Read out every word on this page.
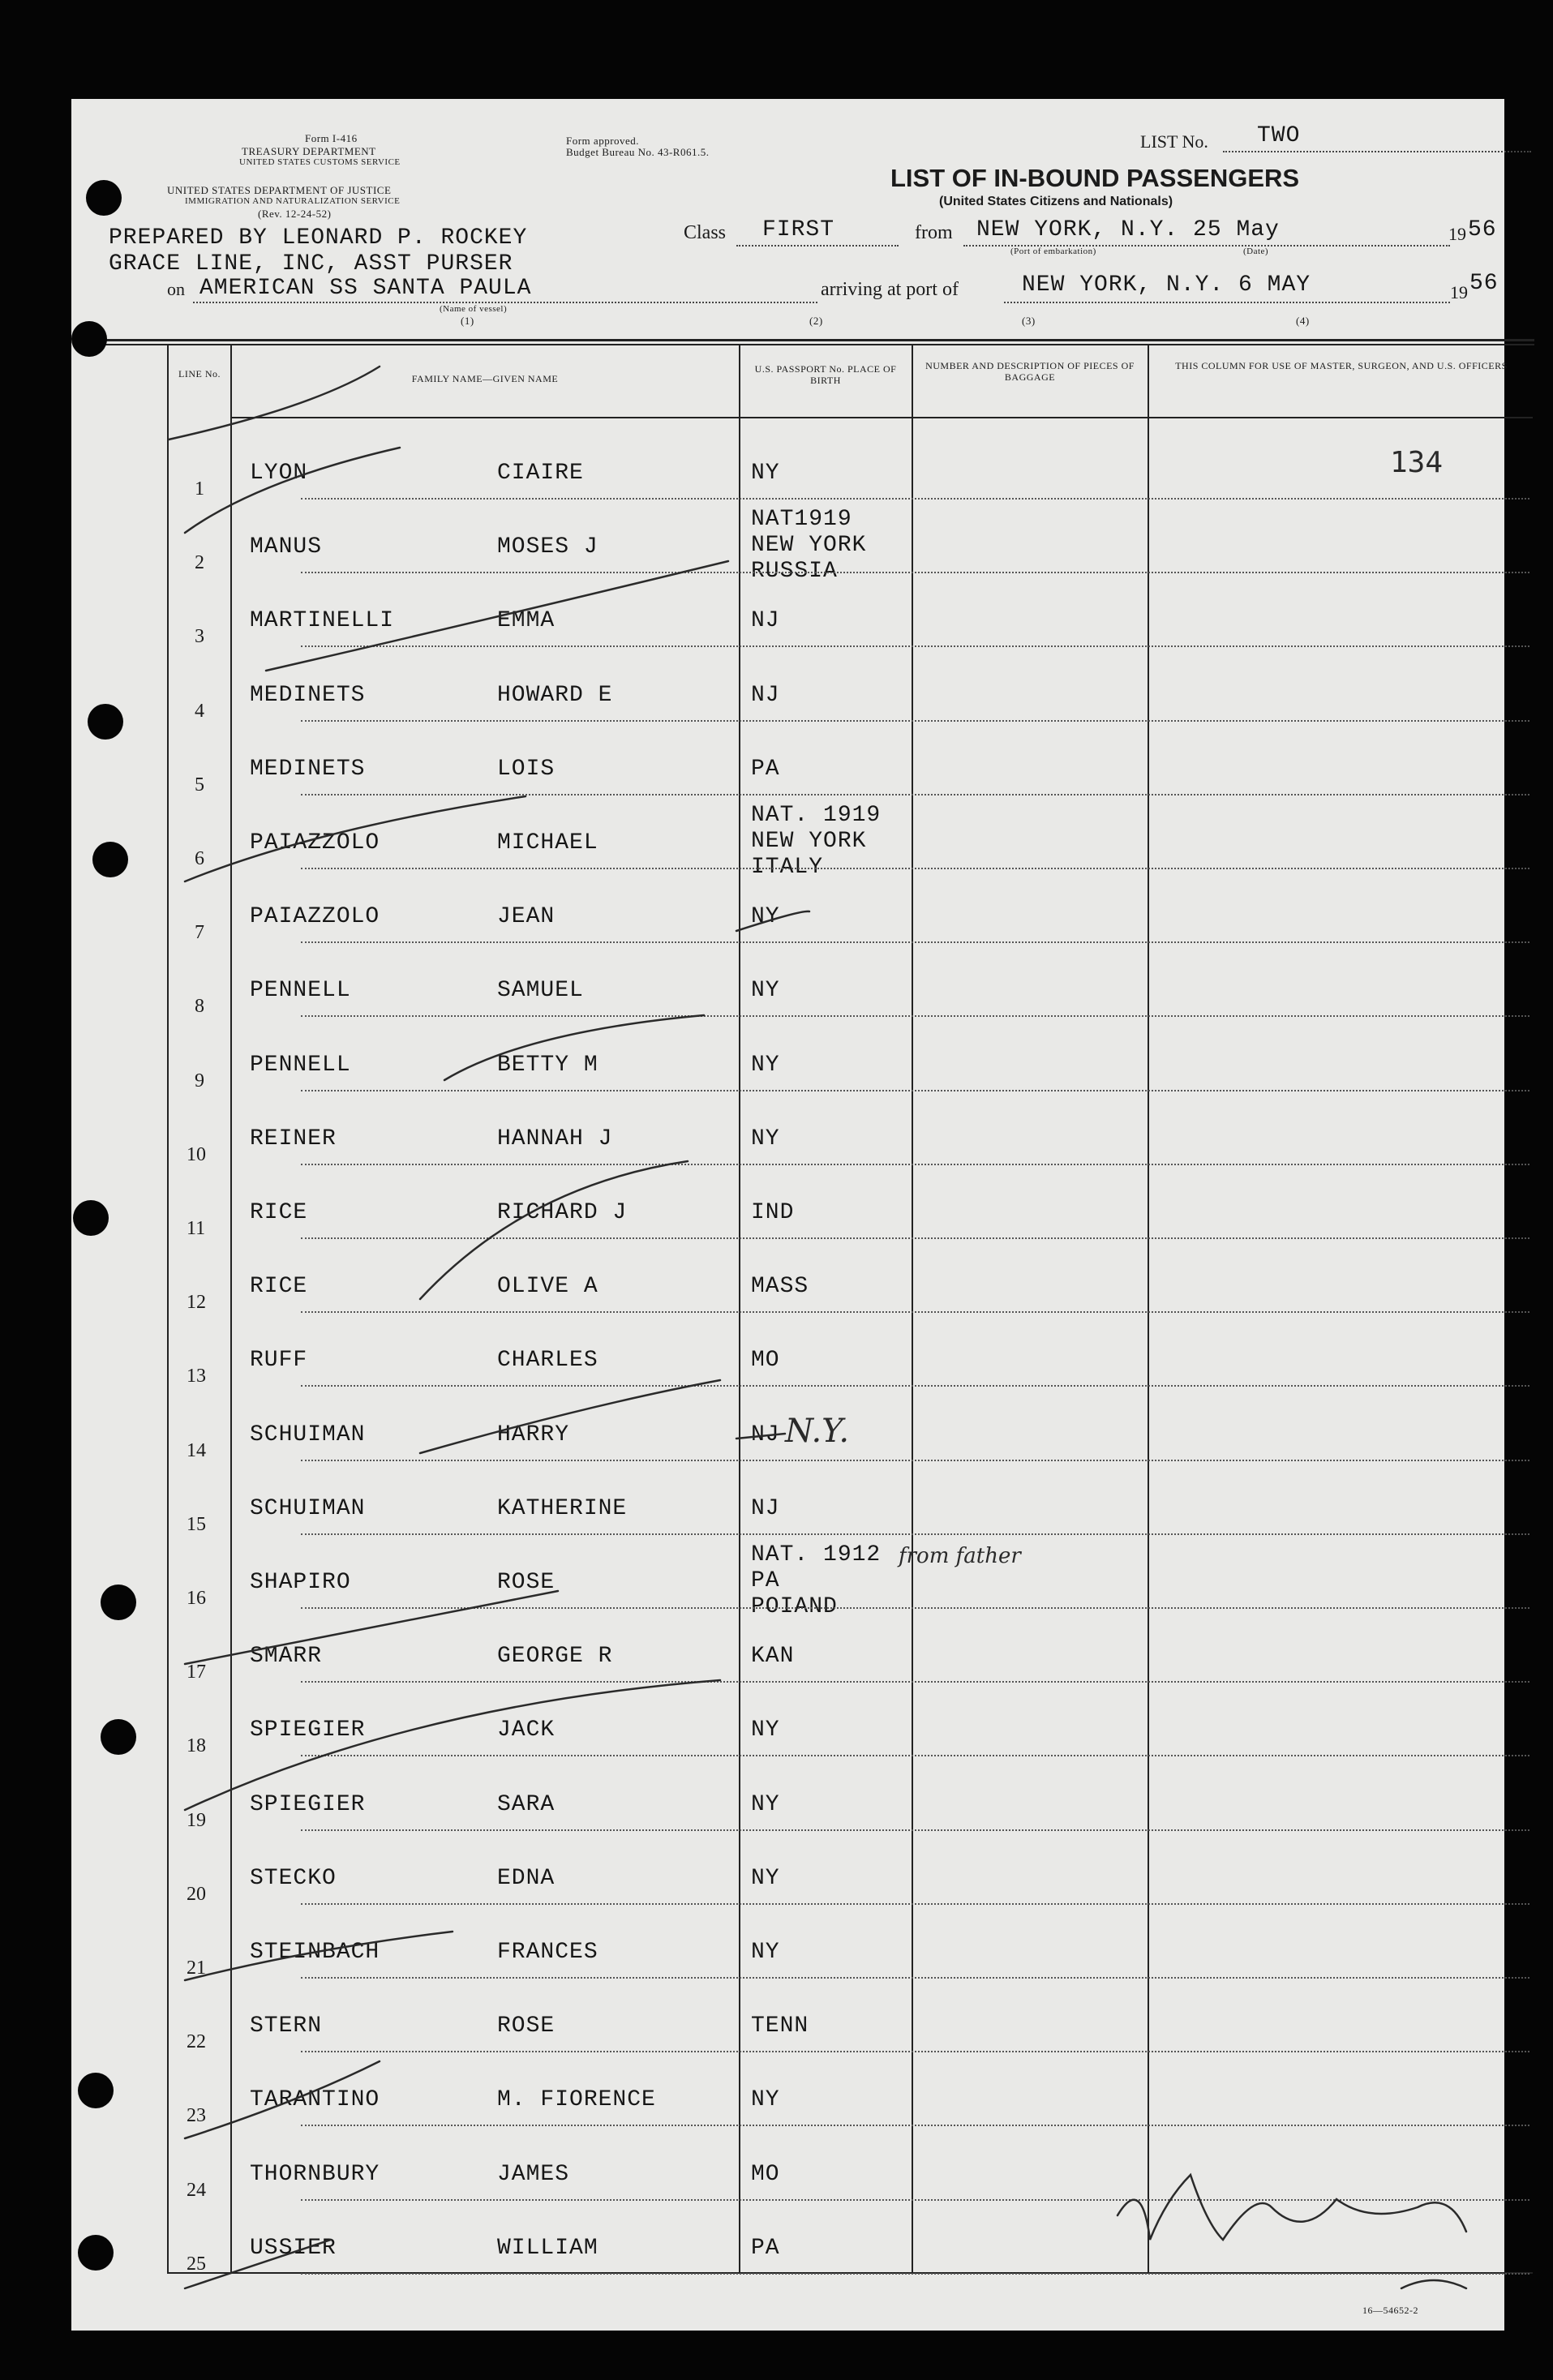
Form I-416
TREASURY DEPARTMENT
UNITED STATES CUSTOMS SERVICE
Form approved.
Budget Bureau No. 43-R061.5.
UNITED STATES DEPARTMENT OF JUSTICE
IMMIGRATION AND NATURALIZATION SERVICE
(Rev. 12-24-52)
LIST OF IN-BOUND PASSENGERS
(United States Citizens and Nationals)
LIST No. TWO
PREPARED BY LEONARD P. ROCKEY
GRACE LINE, INC, ASST PURSER
on AMERICAN SS SANTA PAULA
(Name of vessel)
Class FIRST	from NEW YORK, N.Y. 25 May	19 56
(Port of embarkation)	(Date)
arriving at port of	NEW YORK, N.Y. 6 MAY	19 56
(1)	(2)	(3)	(4)
LINE No.	FAMILY NAME—GIVEN NAME
U.S. PASSPORT No. PLACE OF BIRTH
NUMBER AND DESCRIPTION OF PIECES OF BAGGAGE
THIS COLUMN FOR USE OF MASTER, SURGEON, AND U.S. OFFICERS
1
LYON	CIAIRE	NY
2
MANUS	MOSES J
NAT1919
NEW YORK
RUSSIA
3
MARTINELLI	EMMA	NJ
4
MEDINETS	HOWARD E	NJ
5
MEDINETS	LOIS	PA
6
PAIAZZOLO	MICHAEL
NAT. 1919
NEW YORK
ITALY
7
PAIAZZOLO	JEAN	NY
8
PENNELL	SAMUEL	NY
9
PENNELL	BETTY M	NY
10
REINER	HANNAH J	NY
11
RICE	RICHARD J	IND
12
RICE	OLIVE A	MASS
13
RUFF	CHARLES	MO
14
SCHUIMAN	HARRY	NJ
15
SCHUIMAN	KATHERINE	NJ
16
SHAPIRO	ROSE
NAT. 1912
PA
POIAND
17
SMARR	GEORGE R	KAN
18
SPIEGIER	JACK	NY
19
SPIEGIER	SARA	NY
20
STECKO	EDNA	NY
21
STEINBACH	FRANCES	NY
22
STERN	ROSE	TENN
23
TARANTINO	M. FIORENCE	NY
24
THORNBURY	JAMES	MO
25
USSIER	WILLIAM	PA
134
N.Y.
from father
16—54652-2
